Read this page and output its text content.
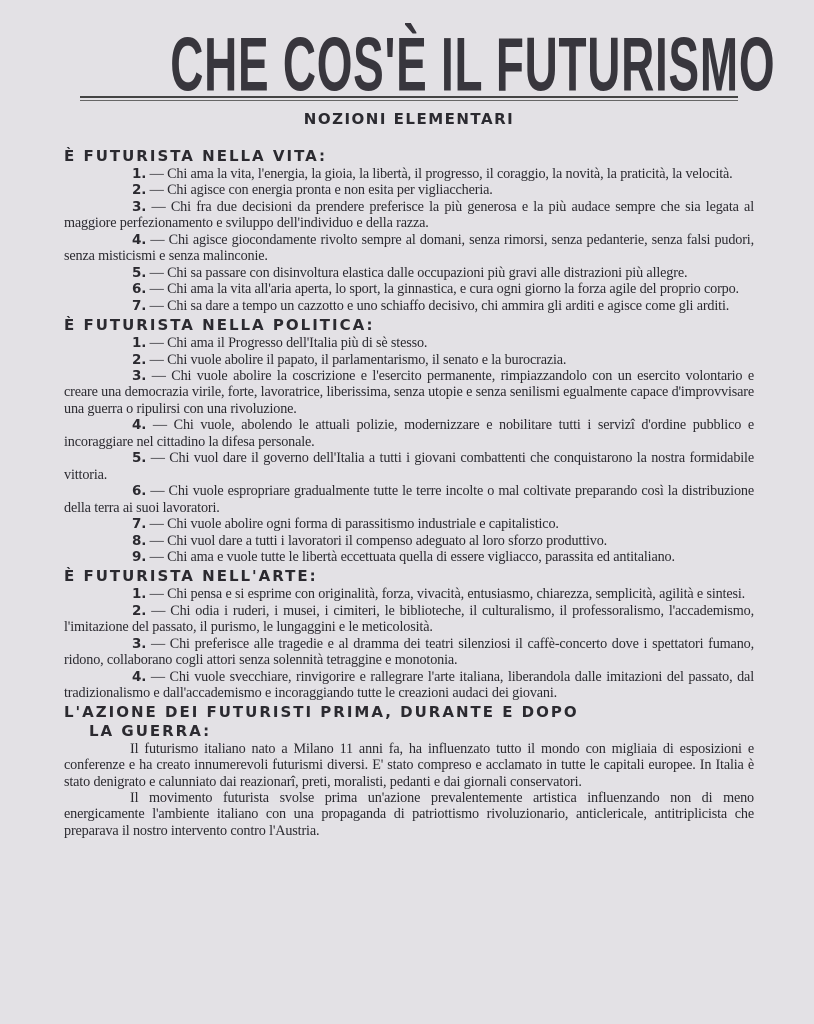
CHE COS'È IL FUTURISMO
NOZIONI ELEMENTARI
È FUTURISTA NELLA VITA:

1. — Chi ama la vita, l'energia, la gioia, la libertà, il progresso, il coraggio, la novità, la praticità, la velocità.

2. — Chi agisce con energia pronta e non esita per vigliaccheria.

3. — Chi fra due decisioni da prendere preferisce la più generosa e la più audace sempre che sia legata al maggiore perfezionamento e sviluppo dell'individuo e della razza.

4. — Chi agisce giocondamente rivolto sempre al domani, senza rimorsi, senza pedanterie, senza falsi pudori, senza misticismi e senza malinconie.

5. — Chi sa passare con disinvoltura elastica dalle occupazioni più gravi alle distrazioni più allegre.

6. — Chi ama la vita all'aria aperta, lo sport, la ginnastica, e cura ogni giorno la forza agile del proprio corpo.

7. — Chi sa dare a tempo un cazzotto e uno schiaffo decisivo, chi ammira gli arditi e agisce come gli arditi.

È FUTURISTA NELLA POLITICA:

1. — Chi ama il Progresso dell'Italia più di sè stesso.

2. — Chi vuole abolire il papato, il parlamentarismo, il senato e la burocrazia.

3. — Chi vuole abolire la coscrizione e l'esercito permanente, rimpiazzandolo con un esercito volontario e creare una democrazia virile, forte, lavoratrice, liberissima, senza utopie e senza senilismi egualmente capace d'improvvisare una guerra o ripulirsi con una rivoluzione.

4. — Chi vuole, abolendo le attuali polizie, modernizzare e nobilitare tutti i servizî d'ordine pubblico e incoraggiare nel cittadino la difesa personale.

5. — Chi vuol dare il governo dell'Italia a tutti i giovani combattenti che conquistarono la nostra formidabile vittoria.

6. — Chi vuole espropriare gradualmente tutte le terre incolte o mal coltivate preparando così la distribuzione della terra ai suoi lavoratori.

7. — Chi vuole abolire ogni forma di parassitismo industriale e capitalistico.

8. — Chi vuol dare a tutti i lavoratori il compenso adeguato al loro sforzo produttivo.

9. — Chi ama e vuole tutte le libertà eccettuata quella di essere vigliacco, parassita ed antitaliano.

È FUTURISTA NELL'ARTE:

1. — Chi pensa e si esprime con originalità, forza, vivacità, entusiasmo, chiarezza, semplicità, agilità e sintesi.

2. — Chi odia i ruderi, i musei, i cimiteri, le biblioteche, il culturalismo, il professoralismo, l'accademismo, l'imitazione del passato, il purismo, le lungaggini e le meticolosità.

3. — Chi preferisce alle tragedie e al dramma dei teatri silenziosi il caffè-concerto dove i spettatori fumano, ridono, collaborano cogli attori senza solennità tetraggine e monotonia.

4. — Chi vuole svecchiare, rinvigorire e rallegrare l'arte italiana, liberandola dalle imitazioni del passato, dal tradizionalismo e dall'accademismo e incoraggiando tutte le creazioni audaci dei giovani.

L'AZIONE DEI FUTURISTI PRIMA, DURANTE E DOPO
LA GUERRA:

Il futurismo italiano nato a Milano 11 anni fa, ha influenzato tutto il mondo con migliaia di esposizioni e conferenze e ha creato innumerevoli futurismi diversi. E' stato compreso e acclamato in tutte le capitali europee. In Italia è stato denigrato e calunniato dai reazionarî, preti, moralisti, pedanti e dai giornali conservatori.

Il movimento futurista svolse prima un'azione prevalentemente artistica influenzando non di meno energicamente l'ambiente italiano con una propaganda di patriottismo rivoluzionario, anticlericale, antitriplicista che preparava il nostro intervento contro l'Austria.
